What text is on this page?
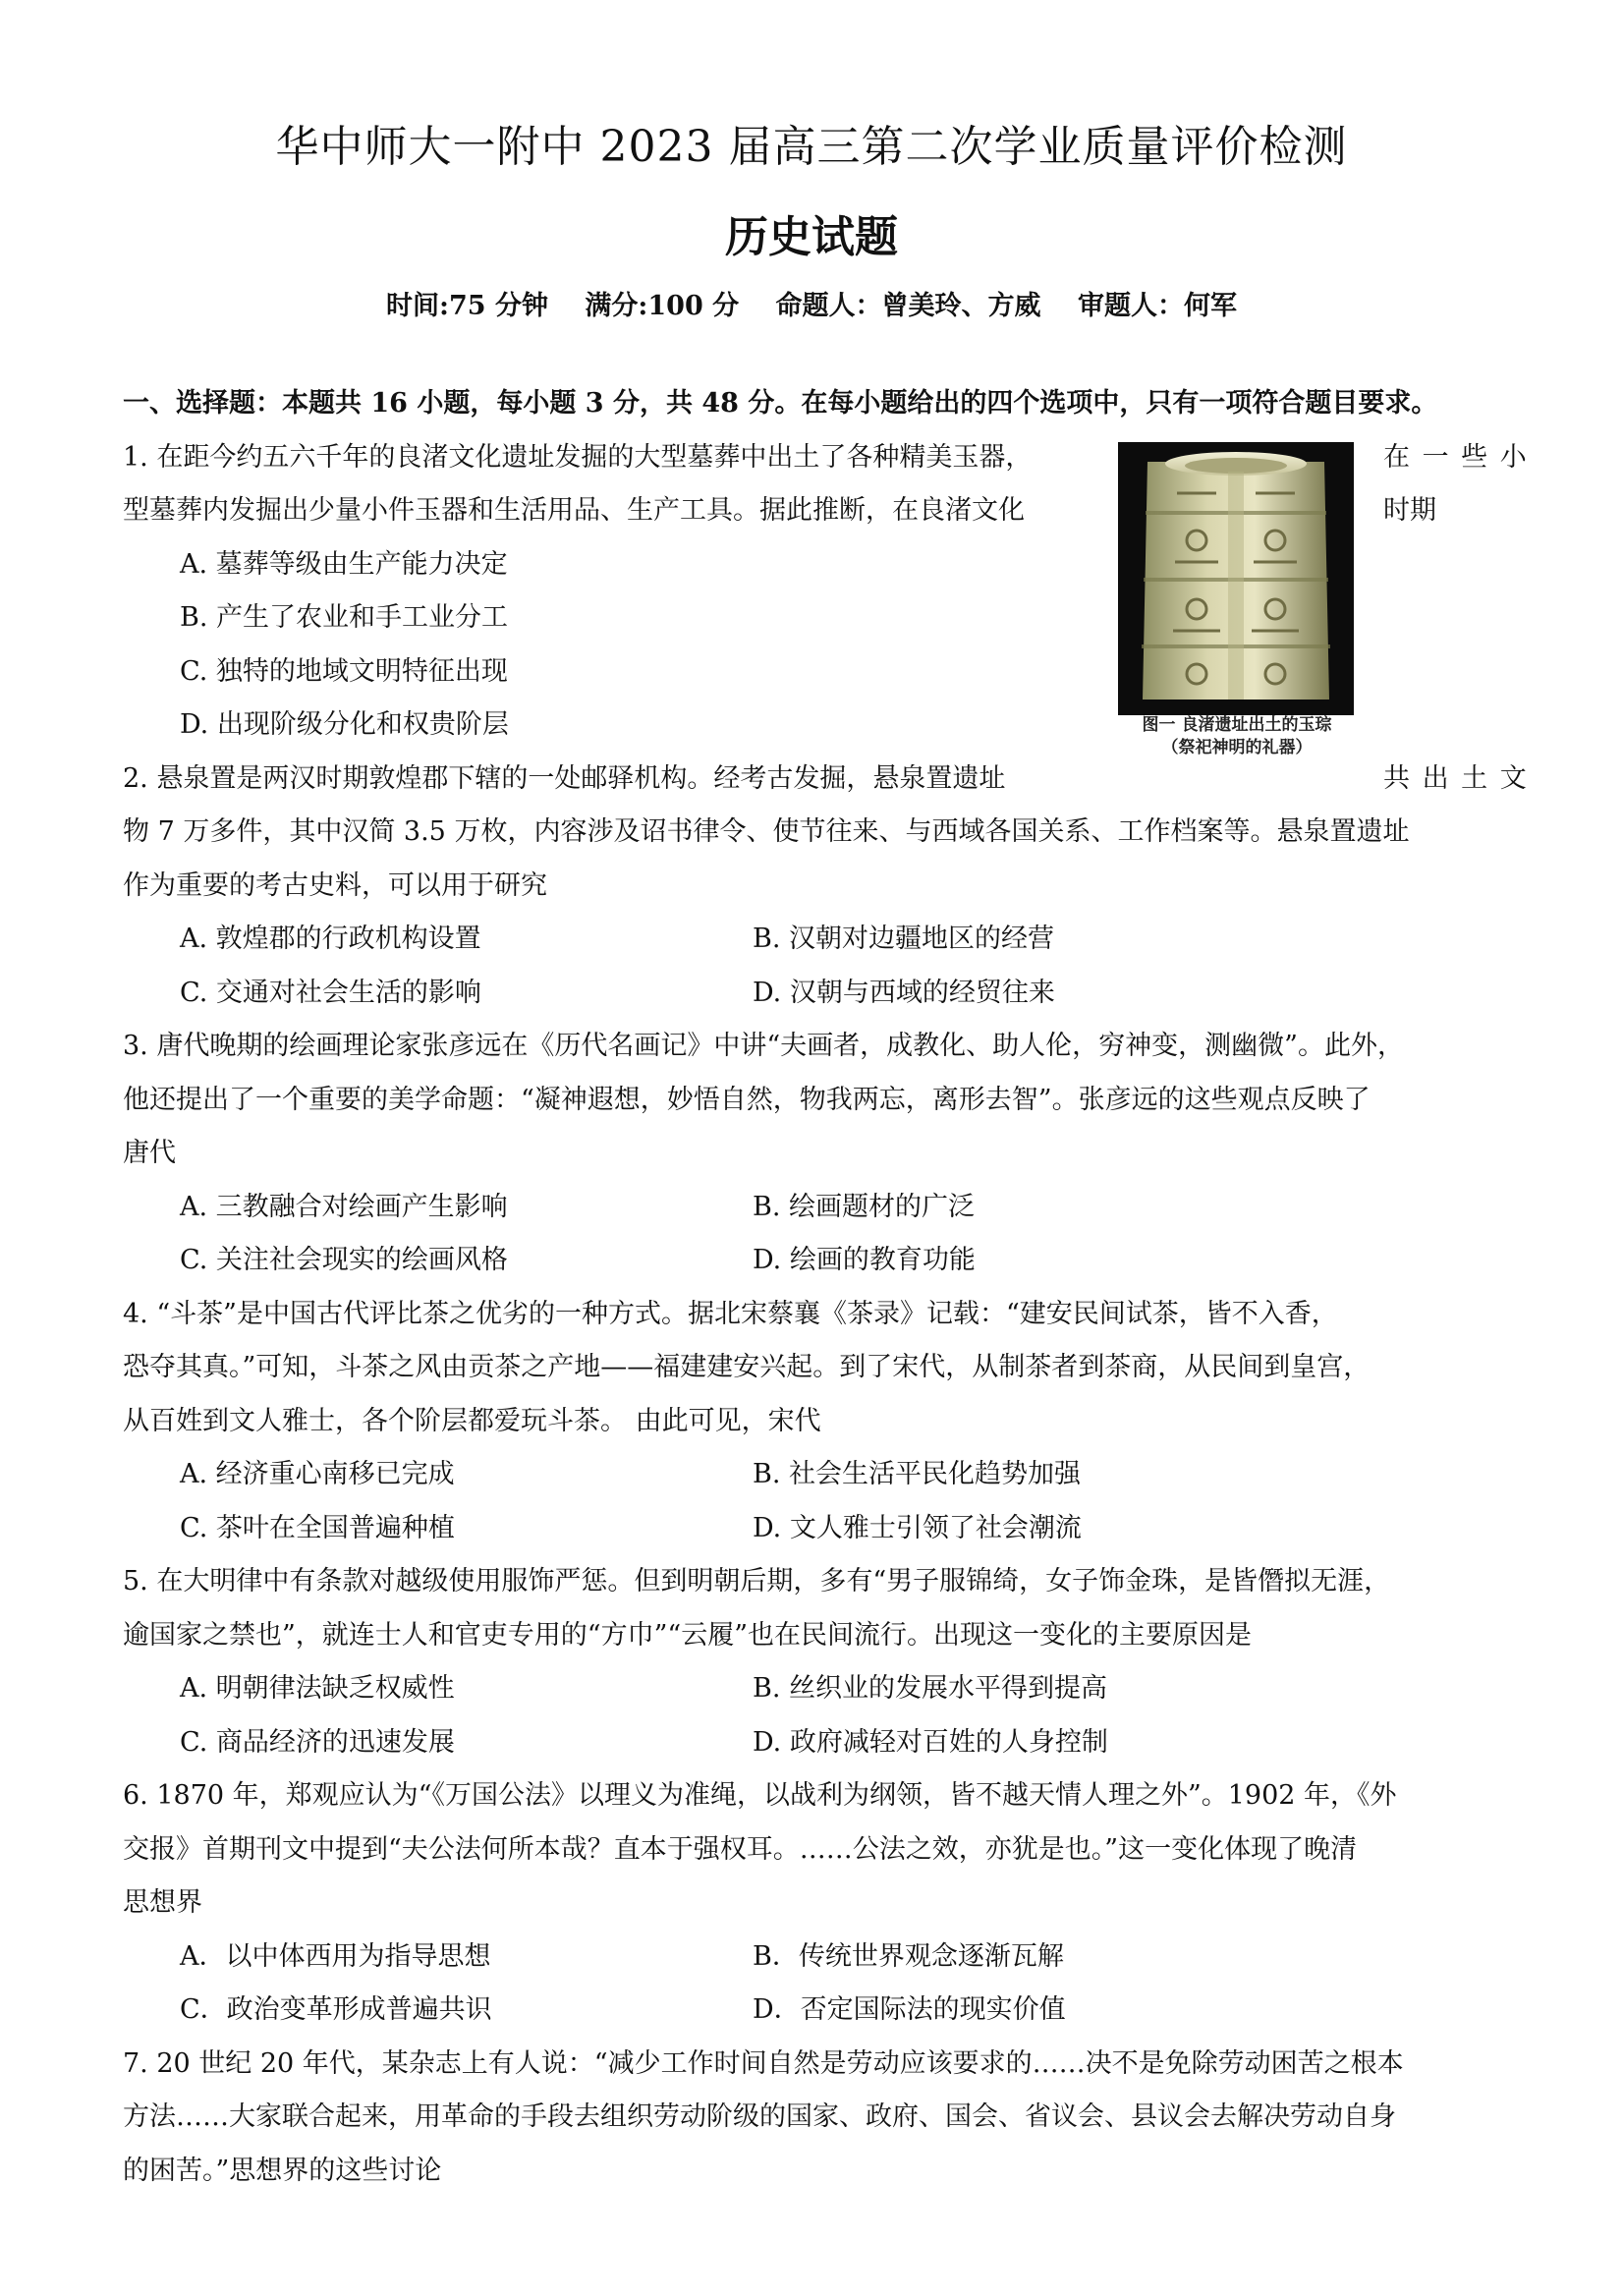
华中师大一附中 2023 届高三第二次学业质量评价检测
历史试题
时间:75 分钟 满分:100 分 命题人：曾美玲、方威 审题人：何军
图一 良渚遗址出土的玉琮
（祭祀神明的礼器）
一、选择题：本题共 16 小题，每小题 3 分，共 48 分。在每小题给出的四个选项中，只有一项符合题目要求。
1. 在距今约五六千年的良渚文化遗址发掘的大型墓葬中出土了各种精美玉器，	在 一 些 小
型墓葬内发掘出少量小件玉器和生活用品、生产工具。据此推断，在良渚文化	时期
A. 墓葬等级由生产能力决定
B. 产生了农业和手工业分工
C. 独特的地域文明特征出现
D. 出现阶级分化和权贵阶层
2. 悬泉置是两汉时期敦煌郡下辖的一处邮驿机构。经考古发掘，悬泉置遗址	共 出 土 文
物 7 万多件，其中汉简 3.5 万枚，内容涉及诏书律令、使节往来、与西域各国关系、工作档案等。悬泉置遗址
作为重要的考古史料，可以用于研究
A. 敦煌郡的行政机构设置	B. 汉朝对边疆地区的经营
C. 交通对社会生活的影响	D. 汉朝与西域的经贸往来
3. 唐代晚期的绘画理论家张彦远在《历代名画记》中讲“夫画者，成教化、助人伦，穷神变，测幽微”。此外，
他还提出了一个重要的美学命题：“凝神遐想，妙悟自然，物我两忘，离形去智”。张彦远的这些观点反映了
唐代
A. 三教融合对绘画产生影响	B. 绘画题材的广泛
C. 关注社会现实的绘画风格	D. 绘画的教育功能
4. “斗茶”是中国古代评比茶之优劣的一种方式。据北宋蔡襄《茶录》记载：“建安民间试茶，皆不入香，
恐夺其真。”可知，斗茶之风由贡茶之产地——福建建安兴起。到了宋代，从制茶者到茶商，从民间到皇宫，
从百姓到文人雅士，各个阶层都爱玩斗茶。 由此可见，宋代
A. 经济重心南移已完成	B. 社会生活平民化趋势加强
C. 茶叶在全国普遍种植	D. 文人雅士引领了社会潮流
5. 在大明律中有条款对越级使用服饰严惩。但到明朝后期，多有“男子服锦绮，女子饰金珠，是皆僭拟无涯，
逾国家之禁也”，就连士人和官吏专用的“方巾”“云履”也在民间流行。出现这一变化的主要原因是
A. 明朝律法缺乏权威性	B. 丝织业的发展水平得到提高
C. 商品经济的迅速发展	D. 政府减轻对百姓的人身控制
6. 1870 年，郑观应认为“《万国公法》以理义为准绳，以战利为纲领，皆不越天情人理之外”。1902 年，《外
交报》首期刊文中提到“夫公法何所本哉？直本于强权耳。……公法之效，亦犹是也。”这一变化体现了晚清
思想界
A．以中体西用为指导思想	B．传统世界观念逐渐瓦解
C．政治变革形成普遍共识	D．否定国际法的现实价值
7. 20 世纪 20 年代，某杂志上有人说：“减少工作时间自然是劳动应该要求的……决不是免除劳动困苦之根本
方法……大家联合起来，用革命的手段去组织劳动阶级的国家、政府、国会、省议会、县议会去解决劳动自身
的困苦。”思想界的这些讨论
